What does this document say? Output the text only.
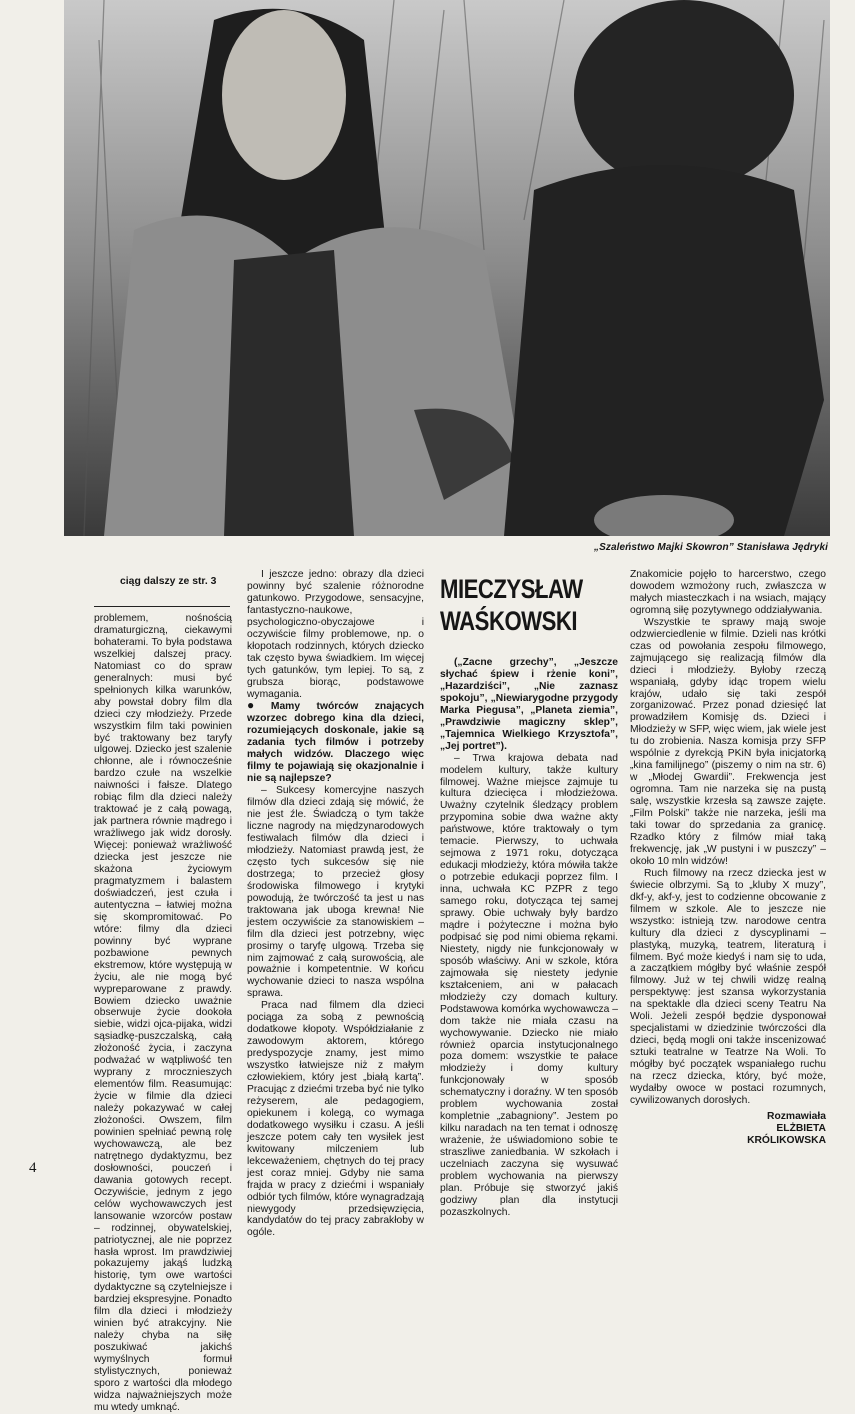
„Szaleństwo Majki Skowron” Stanisława Jędryki
ciąg dalszy ze str. 3

problemem, nośnością dramaturgiczną, ciekawymi bohaterami. To była podstawa wszelkiej dalszej pracy. Natomiast co do spraw generalnych: musi być spełnionych kilka warunków, aby powstał dobry film dla dzieci czy młodzieży. Przede wszystkim film taki powinien być traktowany bez taryfy ulgowej. Dziecko jest szalenie chłonne, ale i równocześnie bardzo czułe na wszelkie naiwności i fałsze. Dlatego robiąc film dla dzieci należy traktować je z całą powagą, jak partnera równie mądrego i wrażliwego jak widz dorosły. Więcej: ponieważ wrażliwość dziecka jest jeszcze nie skażona życiowym pragmatyzmem i balastem doświadczeń, jest czuła i autentyczna – łatwiej można się skompromitować. Po wtóre: filmy dla dzieci powinny być wyprane pozbawione pewnych ekstremow, które występują w życiu, ale nie mogą być wypreparowane z prawdy. Bowiem dziecko uważnie obserwuje życie dookoła siebie, widzi ojca-pijaka, widzi sąsiadkę-puszczalską, całą złożoność życia, i zaczyna podważać w wątpliwość ten wyprany z mrocznieszych elementów film. Reasumując: życie w filmie dla dzieci należy pokazywać w całej złożoności. Owszem, film powinien spełniać pewną rolę wychowawczą, ale bez natrętnego dydaktyzmu, bez dosłowności, pouczeń i dawania gotowych recept. Oczywiście, jednym z jego celów wychowawczych jest lansowanie wzorców postaw – rodzinnej, obywatelskiej, patriotycznej, ale nie poprzez hasła wprost. Im prawdziwiej pokazujemy jakąś ludzką historię, tym owe wartości dydaktyczne są czytelniejsze i bardziej ekspresyjne. Ponadto film dla dzieci i młodzieży winien być atrakcyjny. Nie należy chyba na siłę poszukiwać jakichś wymyślnych formuł stylistycznych, ponieważ sporo z wartości dla młodego widza najważniejszych może mu wtedy umknąć.

I jeszcze jedno: obrazy dla dzieci powinny być szalenie różnorodne gatunkowo. Przygodowe, sensacyjne, fantastyczno-naukowe, psychologiczno-obyczajowe i oczywiście filmy problemowe, np. o kłopotach rodzinnych, których dziecko tak często bywa świadkiem. Im więcej tych gatunków, tym lepiej. To są, z grubsza biorąc, podstawowe wymagania.

● Mamy twórców znających wzorzec dobrego kina dla dzieci, rozumiejących doskonale, jakie są zadania tych filmów i potrzeby małych widzów. Dlaczego więc filmy te pojawiają się okazjonalnie i nie są najlepsze?

– Sukcesy komercyjne naszych filmów dla dzieci zdają się mówić, że nie jest źle. Świadczą o tym także liczne nagrody na międzynarodowych festiwalach filmów dla dzieci i młodzieży. Natomiast prawdą jest, że często tych sukcesów się nie dostrzega; to przecież głosy środowiska filmowego i krytyki powodują, że twórczość ta jest u nas traktowana jak uboga krewna! Nie jestem oczywiście za stanowiskiem – film dla dzieci jest potrzebny, więc prosimy o taryfę ulgową. Trzeba się nim zajmować z całą surowością, ale poważnie i kompetentnie. W końcu wychowanie dzieci to nasza wspólna sprawa.

Praca nad filmem dla dzieci pociąga za sobą z pewnością dodatkowe kłopoty. Współdziałanie z zawodowym aktorem, którego predyspozycje znamy, jest mimo wszystko łatwiejsze niż z małym człowiekiem, który jest „białą kartą”. Pracując z dziećmi trzeba być nie tylko reżyserem, ale pedagogiem, opiekunem i kolegą, co wymaga dodatkowego wysiłku i czasu. A jeśli jeszcze potem cały ten wysiłek jest kwitowany milczeniem lub lekceważeniem, chętnych do tej pracy jest coraz mniej. Gdyby nie sama frajda w pracy z dziećmi i wspaniały odbiór tych filmów, które wynagradzają niewygody przedsięwzięcia, kandydatów do tej pracy zabrakłoby w ogóle.

MIECZYSŁAW
WAŚKOWSKI

(„Zacne grzechy”, „Jeszcze słychać śpiew i rżenie koni”, „Hazardziści”, „Nie zaznasz spokoju”, „Niewiarygodne przygody Marka Piegusa”, „Planeta ziemia”, „Prawdziwie magiczny sklep”, „Tajemnica Wielkiego Krzysztofa”, „Jej portret”).

– Trwa krajowa debata nad modelem kultury, także kultury filmowej. Ważne miejsce zajmuje tu kultura dziecięca i młodzieżowa. Uważny czytelnik śledzący problem przypomina sobie dwa ważne akty państwowe, które traktowały o tym temacie. Pierwszy, to uchwała sejmowa z 1971 roku, dotycząca edukacji młodzieży, która mówiła także o potrzebie edukacji poprzez film. I inna, uchwała KC PZPR z tego samego roku, dotycząca tej samej sprawy. Obie uchwały były bardzo mądre i pożyteczne i można było podpisać się pod nimi obiema rękami. Niestety, nigdy nie funkcjonowały w sposób właściwy. Ani w szkole, która zajmowała się niestety jedynie kształceniem, ani w pałacach młodzieży czy domach kultury. Podstawowa komórka wychowawcza – dom także nie miała czasu na wychowywanie. Dziecko nie miało również oparcia instytucjonalnego poza domem: wszystkie te pałace młodzieży i domy kultury funkcjonowały w sposób schematyczny i doraźny. W ten sposób problem wychowania został kompletnie „zabagniony”. Jestem po kilku naradach na ten temat i odnoszę wrażenie, że uświadomiono sobie te straszliwe zaniedbania. W szkołach i uczelniach zaczyna się wysuwać problem wychowania na pierwszy plan. Próbuje się stworzyć jakiś godziwy plan dla instytucji pozaszkolnych.

Znakomicie pojęło to harcerstwo, czego dowodem wzmożony ruch, zwłaszcza w małych miasteczkach i na wsiach, mający ogromną siłę pozytywnego oddziaływania.

Wszystkie te sprawy mają swoje odzwierciedlenie w filmie. Dzieli nas krótki czas od powołania zespołu filmowego, zajmującego się realizacją filmów dla dzieci i młodzieży. Byłoby rzeczą wspaniałą, gdyby idąc tropem wielu krajów, udało się taki zespół zorganizować. Przez ponad dziesięć lat prowadziłem Komisję ds. Dzieci i Młodzieży w SFP, więc wiem, jak wiele jest tu do zrobienia. Nasza komisja przy SFP wspólnie z dyrekcją PKiN była inicjatorką „kina familijnego” (piszemy o nim na str. 6) w „Młodej Gwardii”. Frekwencja jest ogromna. Tam nie narzeka się na pustą salę, wszystkie krzesła są zawsze zajęte. „Film Polski” także nie narzeka, jeśli ma taki towar do sprzedania za granicę. Rzadko który z filmów miał taką frekwencję, jak „W pustyni i w puszczy” – około 10 mln widzów!

Ruch filmowy na rzecz dziecka jest w świecie olbrzymi. Są to „kluby X muzy”, dkf-y, akf-y, jest to codzienne obcowanie z filmem w szkole. Ale to jeszcze nie wszystko: istnieją tzw. narodowe centra kultury dla dzieci z dyscyplinami – plastyką, muzyką, teatrem, literaturą i filmem. Być może kiedyś i nam się to uda, a zaczątkiem mógłby być właśnie zespół filmowy. Już w tej chwili widzę realną perspektywę: jest szansa wykorzystania na spektakle dla dzieci sceny Teatru Na Woli. Jeżeli zespół będzie dysponował specjalistami w dziedzinie twórczości dla dzieci, będą mogli oni także inscenizować sztuki teatralne w Teatrze Na Woli. To mógłby być początek wspaniałego ruchu na rzecz dziecka, który, być może, wydałby owoce w postaci rozumnych, cywilizowanych dorosłych.

Rozmawiała
ELŻBIETA
KRÓLIKOWSKA
4
